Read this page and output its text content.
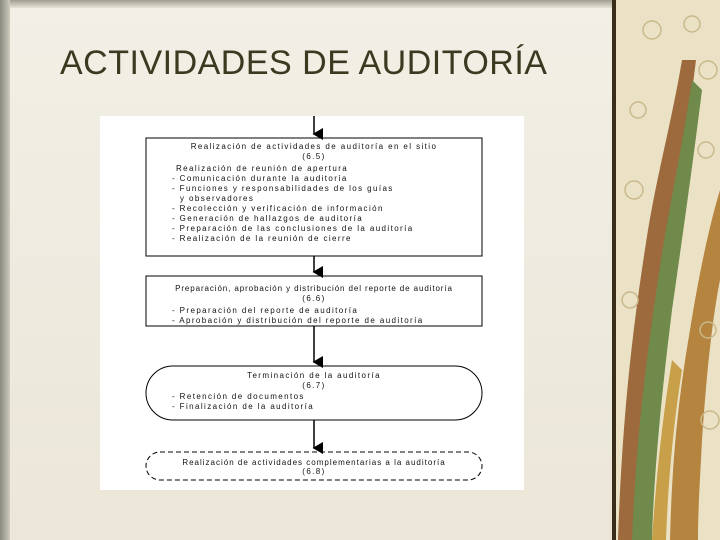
ACTIVIDADES DE AUDITORÍA
Realización de actividades de auditoría en el sitio
(6.5)
Realización de reunión de apertura
- Comunicación durante la auditoría
- Funciones y responsabilidades de los guías
y observadores
- Recolección y verificación de información
- Generación de hallazgos de auditoría
- Preparación de las conclusiones de la auditoría
- Realización de la reunión de cierre
Preparación, aprobación y distribución del reporte de auditoría
(6.6)
- Preparación del reporte de auditoría
- Aprobación y distribución del reporte de auditoría
Terminación de la auditoría
(6.7)
- Retención de documentos
- Finalización de la auditoría
Realización de actividades complementarias a la auditoría
(6.8)
